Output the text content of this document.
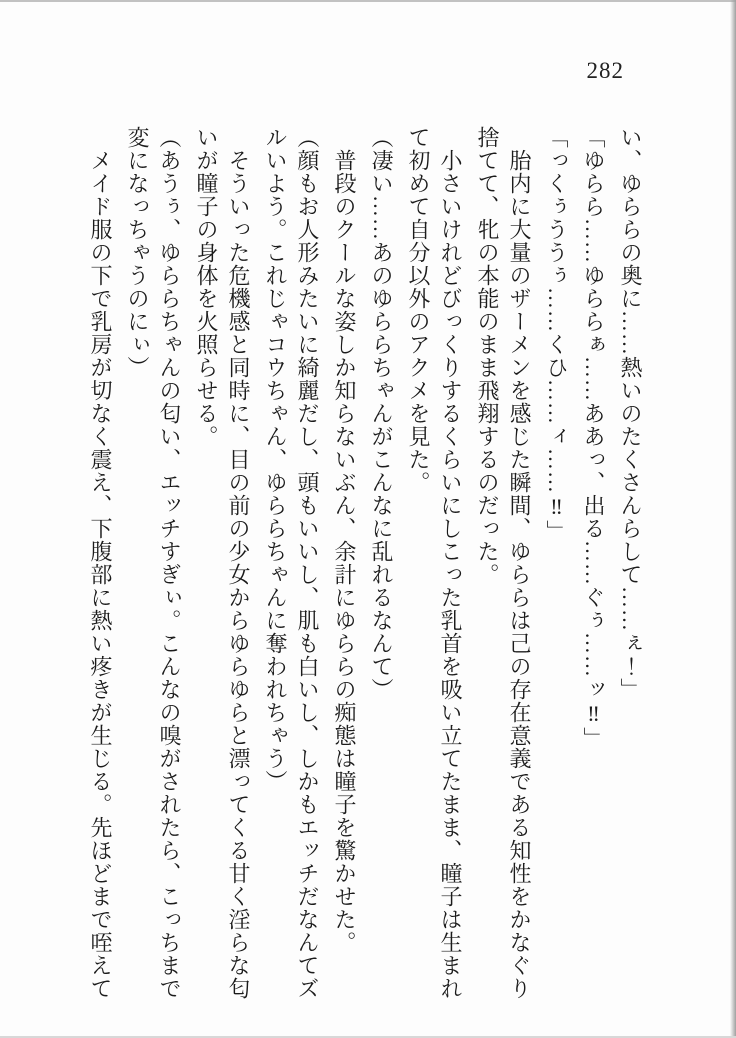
282

い、ゆららの奥に……熱いのたくさんらして……ぇ！」

「ゆらら……ゆららぁ……ああっ、出る……ぐぅ……ッ‼」

「っくぅううぅ……くひ……ィ……‼」

胎内に大量のザーメンを感じた瞬間、ゆららは己の存在意義である知性をかなぐり捨てて、牝の本能のまま飛翔するのだった。

小さいけれどびっくりするくらいにしこった乳首を吸い立てたまま、瞳子は生まれて初めて自分以外のアクメを見た。

（凄い……あのゆららちゃんがこんなに乱れるなんて）

普段のクールな姿しか知らないぶん、余計にゆららの痴態は瞳子を驚かせた。

（顔もお人形みたいに綺麗だし、頭もいいし、肌も白いし、しかもエッチだなんてズルいよう。これじゃコウちゃん、ゆららちゃんに奪われちゃう）

そういった危機感と同時に、目の前の少女からゆらゆらと漂ってくる甘く淫らな匂いが瞳子の身体を火照らせる。

（あうぅ、ゆららちゃんの匂い、エッチすぎぃ。こんなの嗅がされたら、こっちまで変になっちゃうのにぃ）

メイド服の下で乳房が切なく震え、下腹部に熱い疼きが生じる。先ほどまで咥えて
